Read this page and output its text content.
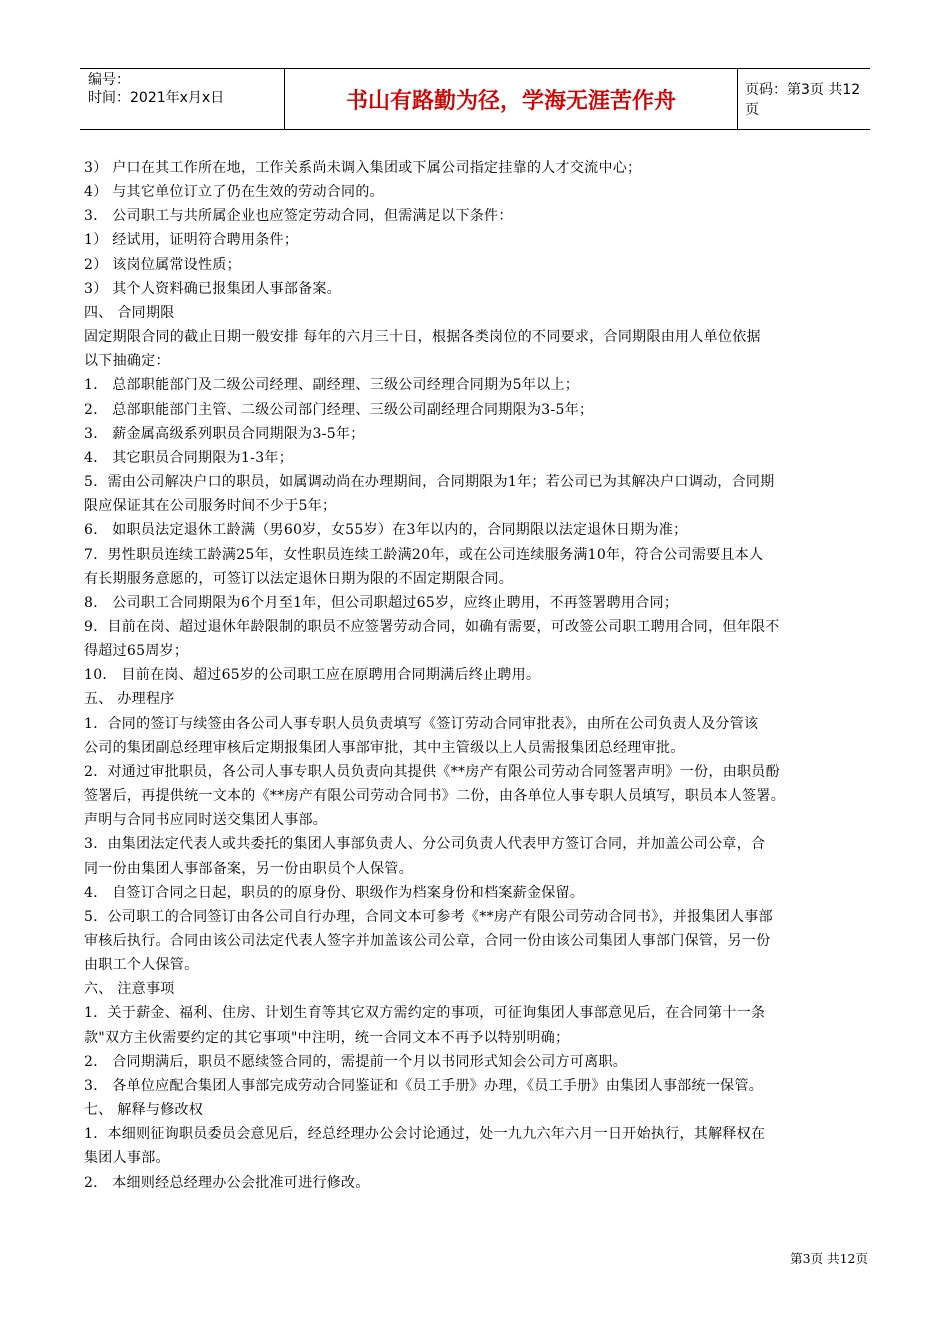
编号：
时间：2021年x月x日	书山有路勤为径，学海无涯苦作舟	页码：第3页 共12页
3） 户口在其工作所在地，工作关系尚未调入集团或下属公司指定挂靠的人才交流中心；
4） 与其它单位订立了仍在生效的劳动合同的。
3． 公司职工与共所属企业也应签定劳动合同，但需满足以下条件：
1） 经试用，证明符合聘用条件；
2） 该岗位属常设性质；
3） 其个人资料确已报集团人事部备案。
四、 合同期限
固定期限合同的截止日期一般安排 每年的六月三十日，根据各类岗位的不同要求，合同期限由用人单位依据
以下抽确定：
1． 总部职能部门及二级公司经理、副经理、三级公司经理合同期为5年以上；
2． 总部职能部门主管、二级公司部门经理、三级公司副经理合同期限为3-5年；
3． 薪金属高级系列职员合同期限为3-5年；
4． 其它职员合同期限为1-3年；
5．需由公司解决户口的职员，如属调动尚在办理期间，合同期限为1年；若公司已为其解决户口调动，合同期
限应保证其在公司服务时间不少于5年；
6． 如职员法定退休工龄满（男60岁，女55岁）在3年以内的，合同期限以法定退休日期为准；
7．男性职员连续工龄满25年，女性职员连续工龄满20年，或在公司连续服务满10年，符合公司需要且本人
有长期服务意愿的，可签订以法定退休日期为限的不固定期限合同。
8． 公司职工合同期限为6个月至1年，但公司职超过65岁，应终止聘用，不再签署聘用合同；
9．目前在岗、超过退休年龄限制的职员不应签署劳动合同，如确有需要，可改签公司职工聘用合同，但年限不
得超过65周岁；
10． 目前在岗、超过65岁的公司职工应在原聘用合同期满后终止聘用。
五、 办理程序
1．合同的签订与续签由各公司人事专职人员负责填写《签订劳动合同审批表》，由所在公司负责人及分管该
公司的集团副总经理审核后定期报集团人事部审批，其中主管级以上人员需报集团总经理审批。
2．对通过审批职员，各公司人事专职人员负责向其提供《**房产有限公司劳动合同签署声明》一份，由职员酚
签署后，再提供统一文本的《**房产有限公司劳动合同书》二份，由各单位人事专职人员填写，职员本人签署。
声明与合同书应同时送交集团人事部。
3．由集团法定代表人或共委托的集团人事部负责人、分公司负责人代表甲方签订合同，并加盖公司公章，合
同一份由集团人事部备案，另一份由职员个人保管。
4． 自签订合同之日起，职员的的原身份、职级作为档案身份和档案薪金保留。
5．公司职工的合同签订由各公司自行办理，合同文本可参考《**房产有限公司劳动合同书》，并报集团人事部
审核后执行。合同由该公司法定代表人签字并加盖该公司公章，合同一份由该公司集团人事部门保管，另一份
由职工个人保管。
六、 注意事项
1．关于薪金、福利、住房、计划生育等其它双方需约定的事项，可征询集团人事部意见后，在合同第十一条
款"双方主伙需要约定的其它事项"中注明，统一合同文本不再予以特别明确；
2． 合同期满后，职员不愿续签合同的，需提前一个月以书同形式知会公司方可离职。
3． 各单位应配合集团人事部完成劳动合同鉴证和《员工手册》办理，《员工手册》由集团人事部统一保管。
七、 解释与修改权
1．本细则征询职员委员会意见后，经总经理办公会讨论通过，处一九九六年六月一日开始执行，其解释权在
集团人事部。
2． 本细则经总经理办公会批准可进行修改。
第3页 共12页
